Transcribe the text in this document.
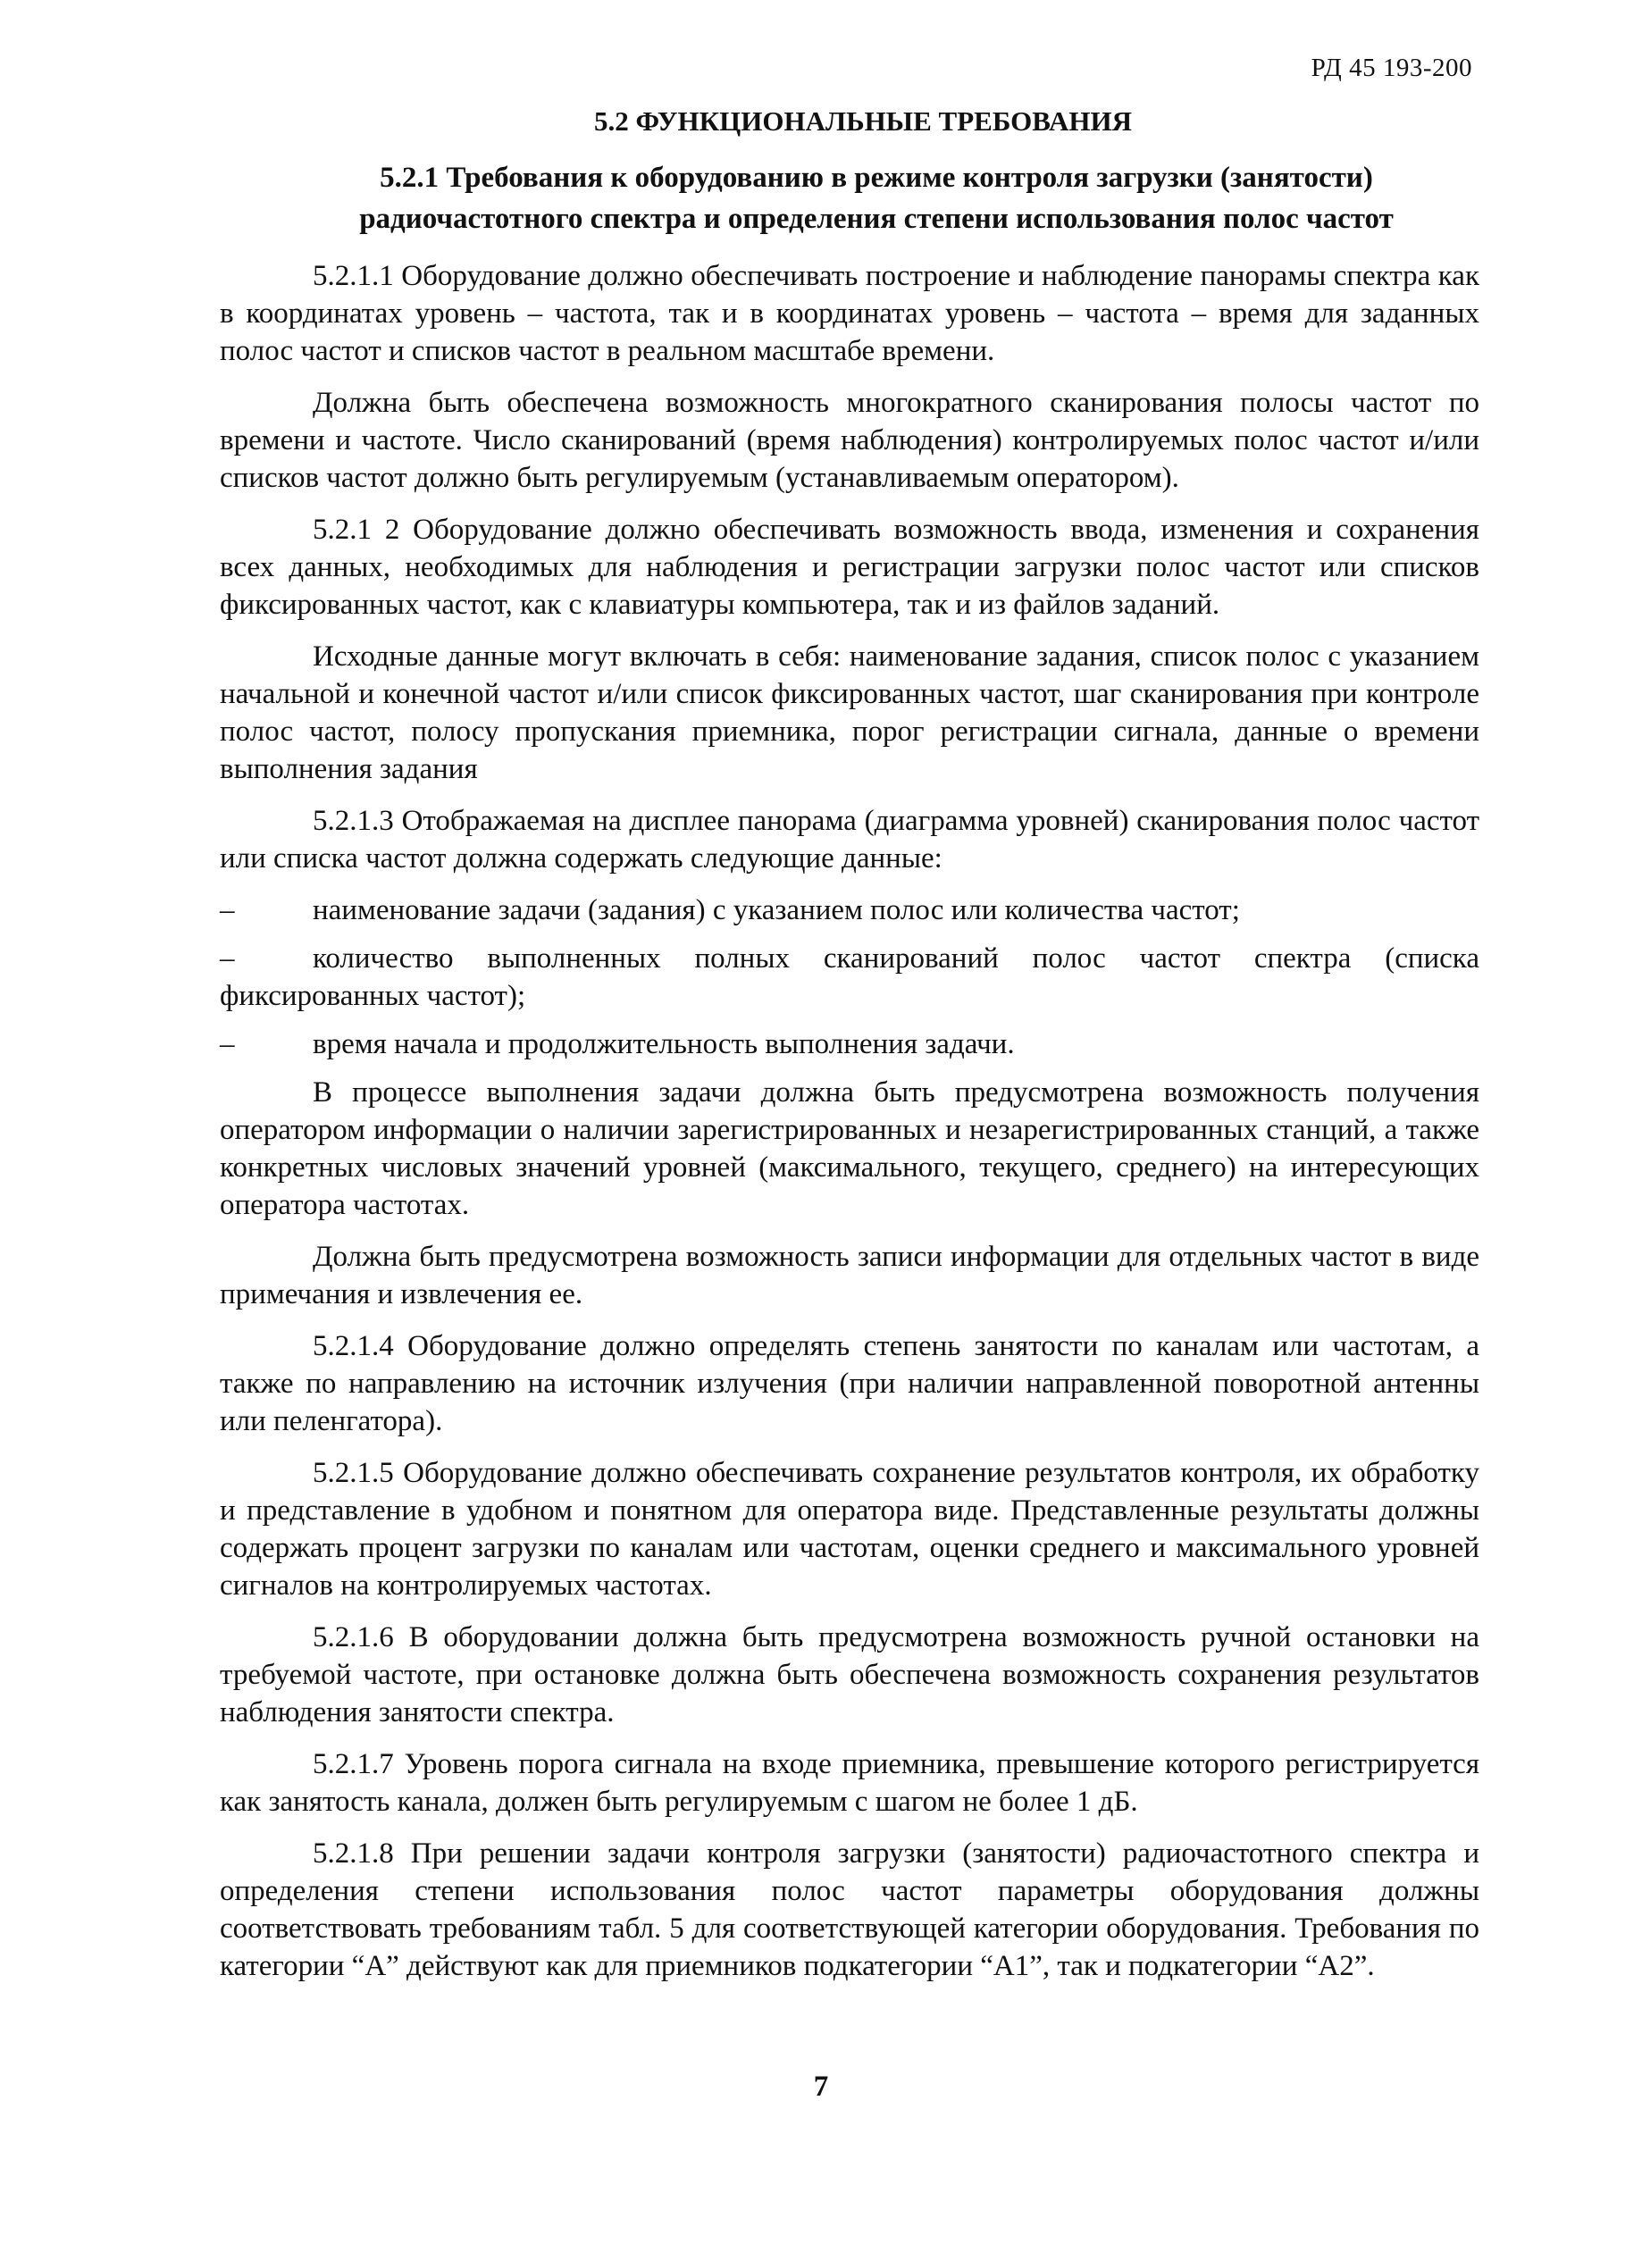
РД 45 193-200
5.2 ФУНКЦИОНАЛЬНЫЕ ТРЕБОВАНИЯ
5.2.1 Требования к оборудованию в режиме контроля загрузки (занятости)
радиочастотного спектра и определения степени использования полос частот

5.2.1.1 Оборудование должно обеспечивать построение и наблюдение панорамы спектра как в координатах уровень – частота, так и в координатах уровень – частота – время для заданных полос частот и списков частот в реальном масштабе времени.

Должна быть обеспечена возможность многократного сканирования полосы частот по времени и частоте. Число сканирований (время наблюдения) контролируемых полос частот и/или списков частот должно быть регулируемым (устанавливаемым оператором).

5.2.1 2 Оборудование должно обеспечивать возможность ввода, изменения и сохранения всех данных, необходимых для наблюдения и регистрации загрузки полос частот или списков фиксированных частот, как с клавиатуры компьютера, так и из файлов заданий.

Исходные данные могут включать в себя: наименование задания, список полос с указанием начальной и конечной частот и/или список фиксированных частот, шаг сканирования при контроле полос частот, полосу пропускания приемника, порог регистрации сигнала, данные о времени выполнения задания

5.2.1.3 Отображаемая на дисплее панорама (диаграмма уровней) сканирования полос частот или списка частот должна содержать следующие данные:

–	наименование задачи (задания) с указанием полос или количества частот;
–	количество выполненных полных сканирований полос частот спектра (списка фиксированных частот);
–	время начала и продолжительность выполнения задачи.

В процессе выполнения задачи должна быть предусмотрена возможность получения оператором информации о наличии зарегистрированных и незарегистрированных станций, а также конкретных числовых значений уровней (максимального, текущего, среднего) на интересующих оператора частотах.

Должна быть предусмотрена возможность записи информации для отдельных частот в виде примечания и извлечения ее.

5.2.1.4 Оборудование должно определять степень занятости по каналам или частотам, а также по направлению на источник излучения (при наличии направленной поворотной антенны или пеленгатора).

5.2.1.5 Оборудование должно обеспечивать сохранение результатов контроля, их обработку и представление в удобном и понятном для оператора виде. Представленные результаты должны содержать процент загрузки по каналам или частотам, оценки среднего и максимального уровней сигналов на контролируемых частотах.

5.2.1.6 В оборудовании должна быть предусмотрена возможность ручной остановки на требуемой частоте, при остановке должна быть обеспечена возможность сохранения результатов наблюдения занятости спектра.

5.2.1.7 Уровень порога сигнала на входе приемника, превышение которого регистрируется как занятость канала, должен быть регулируемым с шагом не более 1 дБ.

5.2.1.8 При решении задачи контроля загрузки (занятости) радиочастотного спектра и определения степени использования полос частот параметры оборудования должны соответствовать требованиям табл. 5 для соответствующей категории оборудования. Требования по категории “А” действуют как для приемников подкатегории “А1”, так и подкатегории “А2”.

7
